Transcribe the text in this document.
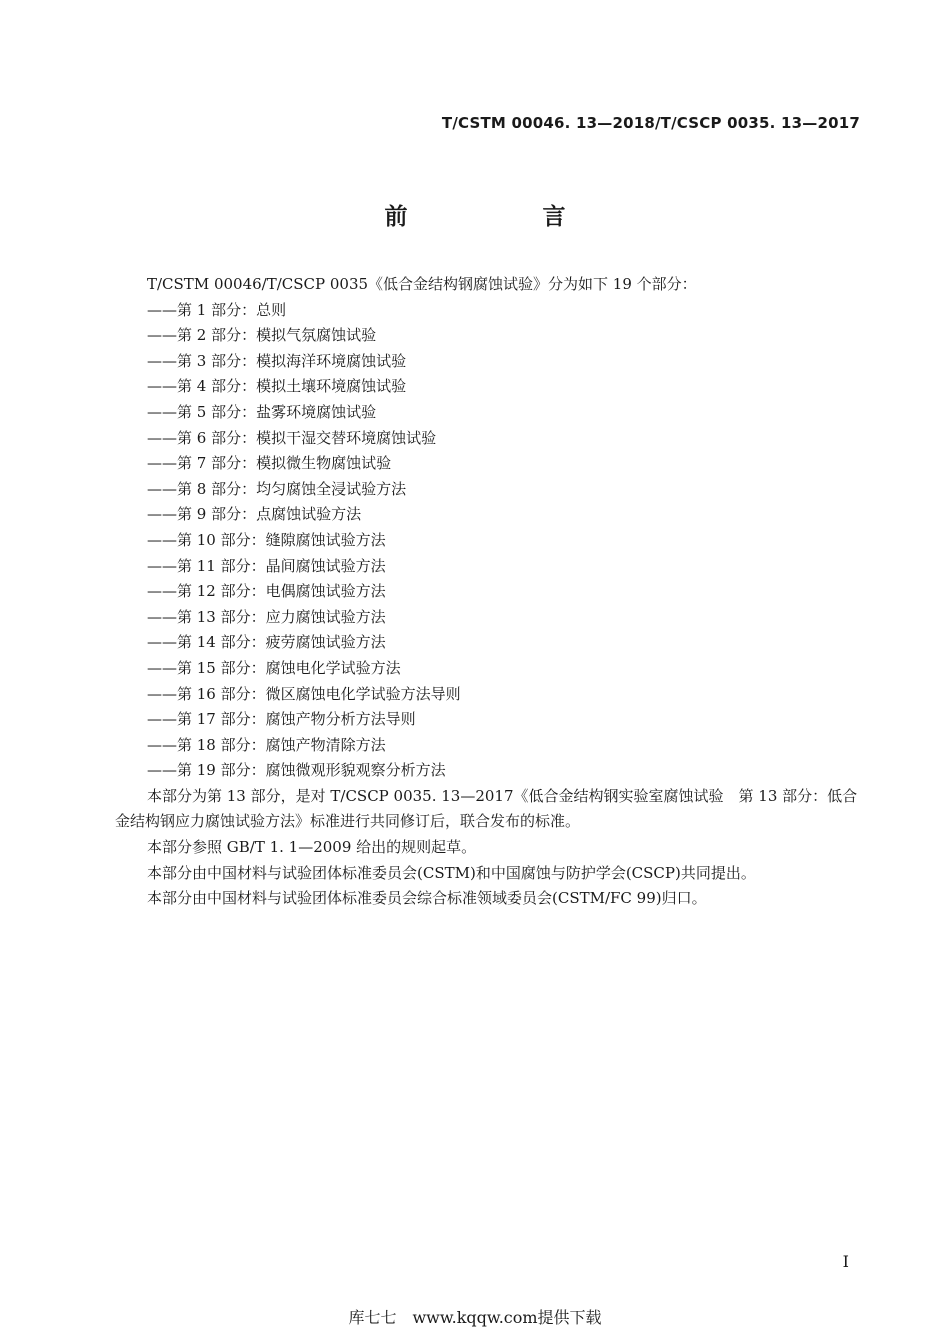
T/CSTM 00046. 13—2018/T/CSCP 0035. 13—2017
前　言

T/CSTM 00046/T/CSCP 0035《低合金结构钢腐蚀试验》分为如下 19 个部分：

——第 1 部分：总则

——第 2 部分：模拟气氛腐蚀试验

——第 3 部分：模拟海洋环境腐蚀试验

——第 4 部分：模拟土壤环境腐蚀试验

——第 5 部分：盐雾环境腐蚀试验

——第 6 部分：模拟干湿交替环境腐蚀试验

——第 7 部分：模拟微生物腐蚀试验

——第 8 部分：均匀腐蚀全浸试验方法

——第 9 部分：点腐蚀试验方法

——第 10 部分：缝隙腐蚀试验方法

——第 11 部分：晶间腐蚀试验方法

——第 12 部分：电偶腐蚀试验方法

——第 13 部分：应力腐蚀试验方法

——第 14 部分：疲劳腐蚀试验方法

——第 15 部分：腐蚀电化学试验方法

——第 16 部分：微区腐蚀电化学试验方法导则

——第 17 部分：腐蚀产物分析方法导则

——第 18 部分：腐蚀产物清除方法

——第 19 部分：腐蚀微观形貌观察分析方法

本部分为第 13 部分，是对 T/CSCP 0035. 13—2017《低合金结构钢实验室腐蚀试验　第 13 部分：低合金结构钢应力腐蚀试验方法》标准进行共同修订后，联合发布的标准。

本部分参照 GB/T 1. 1—2009 给出的规则起草。

本部分由中国材料与试验团体标准委员会(CSTM)和中国腐蚀与防护学会(CSCP)共同提出。

本部分由中国材料与试验团体标准委员会综合标准领域委员会(CSTM/FC 99)归口。

I
库七七　www.kqqw.com提供下载
